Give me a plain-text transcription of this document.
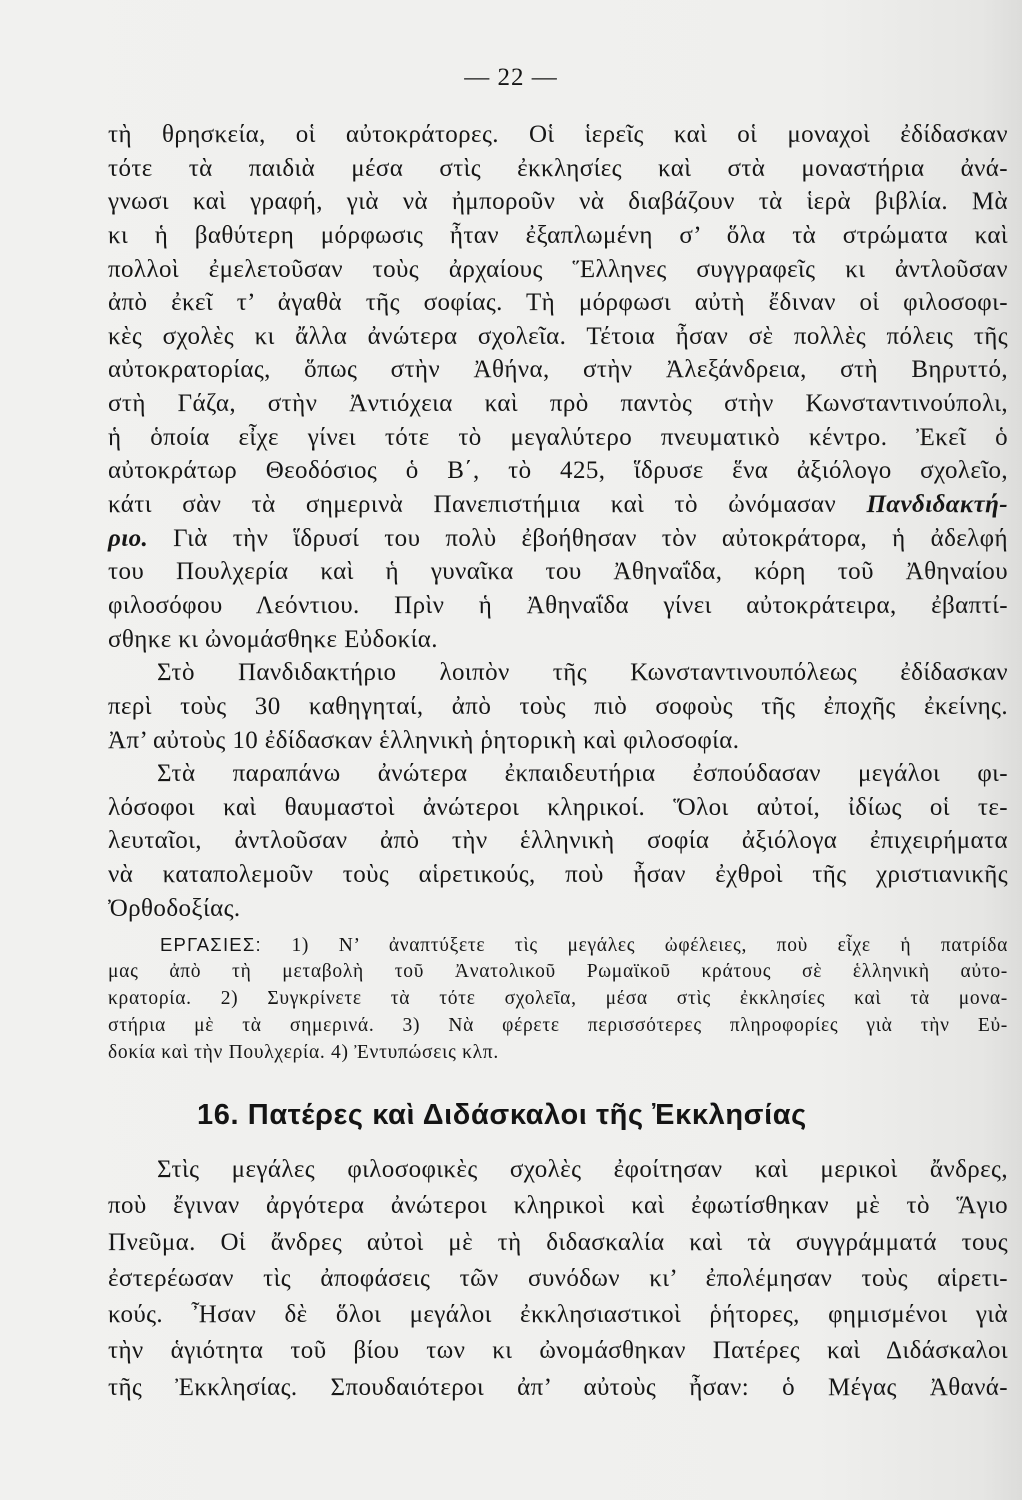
— 22 —
τὴ θρησκεία, οἱ αὐτοκράτορες. Οἱ ἱερεῖς καὶ οἱ μοναχοὶ ἐδίδασκαν
τότε τὰ παιδιὰ μέσα στὶς ἐκκλησίες καὶ στὰ μοναστήρια ἀνά-
γνωσι καὶ γραφή, γιὰ νὰ ἠμποροῦν νὰ διαβάζουν τὰ ἱερὰ βιβλία. Μὰ
κι ἡ βαθύτερη μόρφωσις ἦταν ἐξαπλωμένη σ’ ὅλα τὰ στρώματα καὶ
πολλοὶ ἐμελετοῦσαν τοὺς ἀρχαίους Ἕλληνες συγγραφεῖς κι ἀντλοῦσαν
ἀπὸ ἐκεῖ τ’ ἀγαθὰ τῆς σοφίας. Τὴ μόρφωσι αὐτὴ ἔδιναν οἱ φιλοσοφι-
κὲς σχολὲς κι ἄλλα ἀνώτερα σχολεῖα. Τέτοια ἦσαν σὲ πολλὲς πόλεις τῆς
αὐτοκρατορίας, ὅπως στὴν Ἀθήνα, στὴν Ἀλεξάνδρεια, στὴ Βηρυττό,
στὴ Γάζα, στὴν Ἀντιόχεια καὶ πρὸ παντὸς στὴν Κωνσταντινούπολι,
ἡ ὁποία εἶχε γίνει τότε τὸ μεγαλύτερο πνευματικὸ κέντρο. Ἐκεῖ ὁ
αὐτοκράτωρ Θεοδόσιος ὁ Β΄, τὸ 425, ἵδρυσε ἕνα ἀξιόλογο σχολεῖο,
κάτι σὰν τὰ σημερινὰ Πανεπιστήμια καὶ τὸ ὠνόμασαν Πανδιδακτή-
ριο. Γιὰ τὴν ἵδρυσί του πολὺ ἐβοήθησαν τὸν αὐτοκράτορα, ἡ ἀδελφή
του Πουλχερία καὶ ἡ γυναῖκα του Ἀθηναΐδα, κόρη τοῦ Ἀθηναίου
φιλοσόφου Λεόντιου. Πρὶν ἡ Ἀθηναΐδα γίνει αὐτοκράτειρα, ἐβαπτί-
σθηκε κι ὠνομάσθηκε Εὐδοκία.
Στὸ Πανδιδακτήριο λοιπὸν τῆς Κωνσταντινουπόλεως ἐδίδασκαν
περὶ τοὺς 30 καθηγηταί, ἀπὸ τοὺς πιὸ σοφοὺς τῆς ἐποχῆς ἐκείνης.
Ἀπ’ αὐτοὺς 10 ἐδίδασκαν ἑλληνικὴ ῥητορικὴ καὶ φιλοσοφία.
Στὰ παραπάνω ἀνώτερα ἐκπαιδευτήρια ἐσπούδασαν μεγάλοι φι-
λόσοφοι καὶ θαυμαστοὶ ἀνώτεροι κληρικοί. Ὅλοι αὐτοί, ἰδίως οἱ τε-
λευταῖοι, ἀντλοῦσαν ἀπὸ τὴν ἑλληνικὴ σοφία ἀξιόλογα ἐπιχειρήματα
νὰ καταπολεμοῦν τοὺς αἱρετικούς, ποὺ ἦσαν ἐχθροὶ τῆς χριστιανικῆς
Ὀρθοδοξίας.
ΕΡΓΑΣΙΕΣ: 1) Ν’ ἀναπτύξετε τὶς μεγάλες ὠφέλειες, ποὺ εἶχε ἡ πατρίδα
μας ἀπὸ τὴ μεταβολὴ τοῦ Ἀνατολικοῦ Ρωμαϊκοῦ κράτους σὲ ἑλληνικὴ αὐτο-
κρατορία. 2) Συγκρίνετε τὰ τότε σχολεῖα, μέσα στὶς ἐκκλησίες καὶ τὰ μονα-
στήρια μὲ τὰ σημερινά. 3) Νὰ φέρετε περισσότερες πληροφορίες γιὰ τὴν Εὐ-
δοκία καὶ τὴν Πουλχερία. 4) Ἐντυπώσεις κλπ.
16. Πατέρες καὶ Διδάσκαλοι τῆς Ἐκκλησίας
Στὶς μεγάλες φιλοσοφικὲς σχολὲς ἐφοίτησαν καὶ μερικοὶ ἄνδρες,
ποὺ ἔγιναν ἀργότερα ἀνώτεροι κληρικοὶ καὶ ἐφωτίσθηκαν μὲ τὸ Ἅγιο
Πνεῦμα. Οἱ ἄνδρες αὐτοὶ μὲ τὴ διδασκαλία καὶ τὰ συγγράμματά τους
ἐστερέωσαν τὶς ἀποφάσεις τῶν συνόδων κι’ ἐπολέμησαν τοὺς αἱρετι-
κούς. Ἦσαν δὲ ὅλοι μεγάλοι ἐκκλησιαστικοὶ ῥήτορες, φημισμένοι γιὰ
τὴν ἁγιότητα τοῦ βίου των κι ὠνομάσθηκαν Πατέρες καὶ Διδάσκαλοι
τῆς Ἐκκλησίας. Σπουδαιότεροι ἀπ’ αὐτοὺς ἦσαν: ὁ Μέγας Ἀθανά-
